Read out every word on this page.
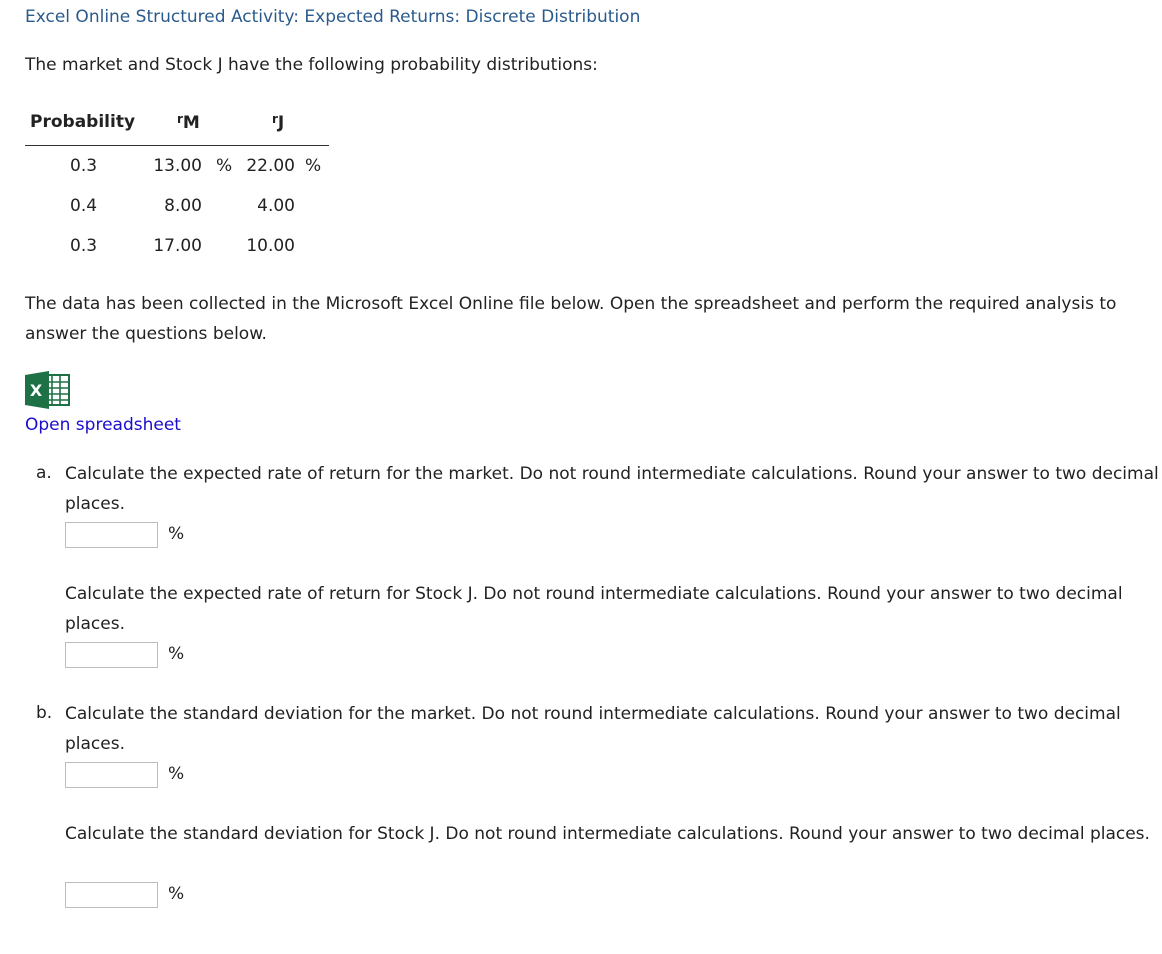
Excel Online Structured Activity: Expected Returns: Discrete Distribution
The market and Stock J have the following probability distributions:
Probability	$^r$M	$^r$J
0.3	13.00 % 22.00 %
0.4	8.00	4.00
0.3	17.00	10.00
The data has been collected in the Microsoft Excel Online file below. Open the spreadsheet and perform the required analysis to answer the questions below.
X
Open spreadsheet
a. Calculate the expected rate of return for the market. Do not round intermediate calculations. Round your answer to two decimal places.
%
Calculate the expected rate of return for Stock J. Do not round intermediate calculations. Round your answer to two decimal places.
%
b. Calculate the standard deviation for the market. Do not round intermediate calculations. Round your answer to two decimal places.
%
Calculate the standard deviation for Stock J. Do not round intermediate calculations. Round your answer to two decimal places.
%
